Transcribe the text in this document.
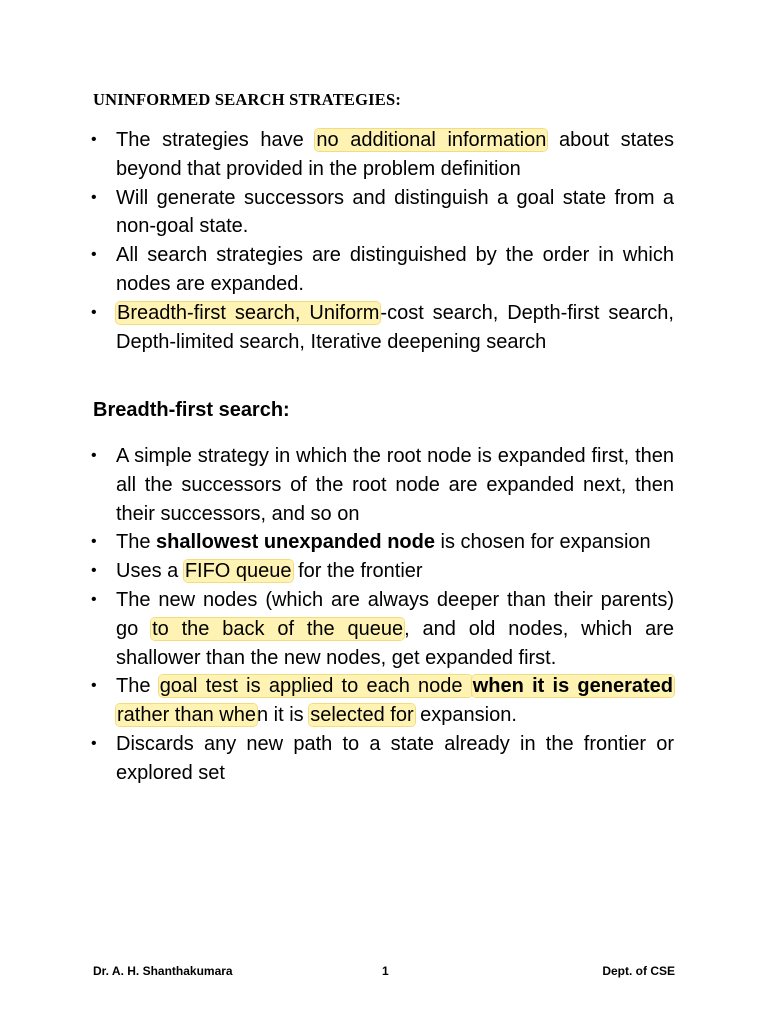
UNINFORMED SEARCH STRATEGIES:
• The strategies have no additional information about states beyond that provided in the problem definition
• Will generate successors and distinguish a goal state from a non-goal state.
• All search strategies are distinguished by the order in which nodes are expanded.
•	Breadth-first search, Uniform-cost search, Depth-first search, Depth-limited search, Iterative deepening search
Breadth-first search:
• A simple strategy in which the root node is expanded first, then all the successors of the root node are expanded next, then their successors, and so on
• The shallowest unexpanded node is chosen for expansion
• Uses a FIFO queue for the frontier
• The new nodes (which are always deeper than their parents) go to the back of the queue, and old nodes, which are shallower than the new nodes, get expanded first.
• The goal test is applied to each node when it is generated rather than when it is selected for expansion.
• Discards any new path to a state already in the frontier or explored set
Dr. A. H. Shanthakumara	1	Dept. of CSE
